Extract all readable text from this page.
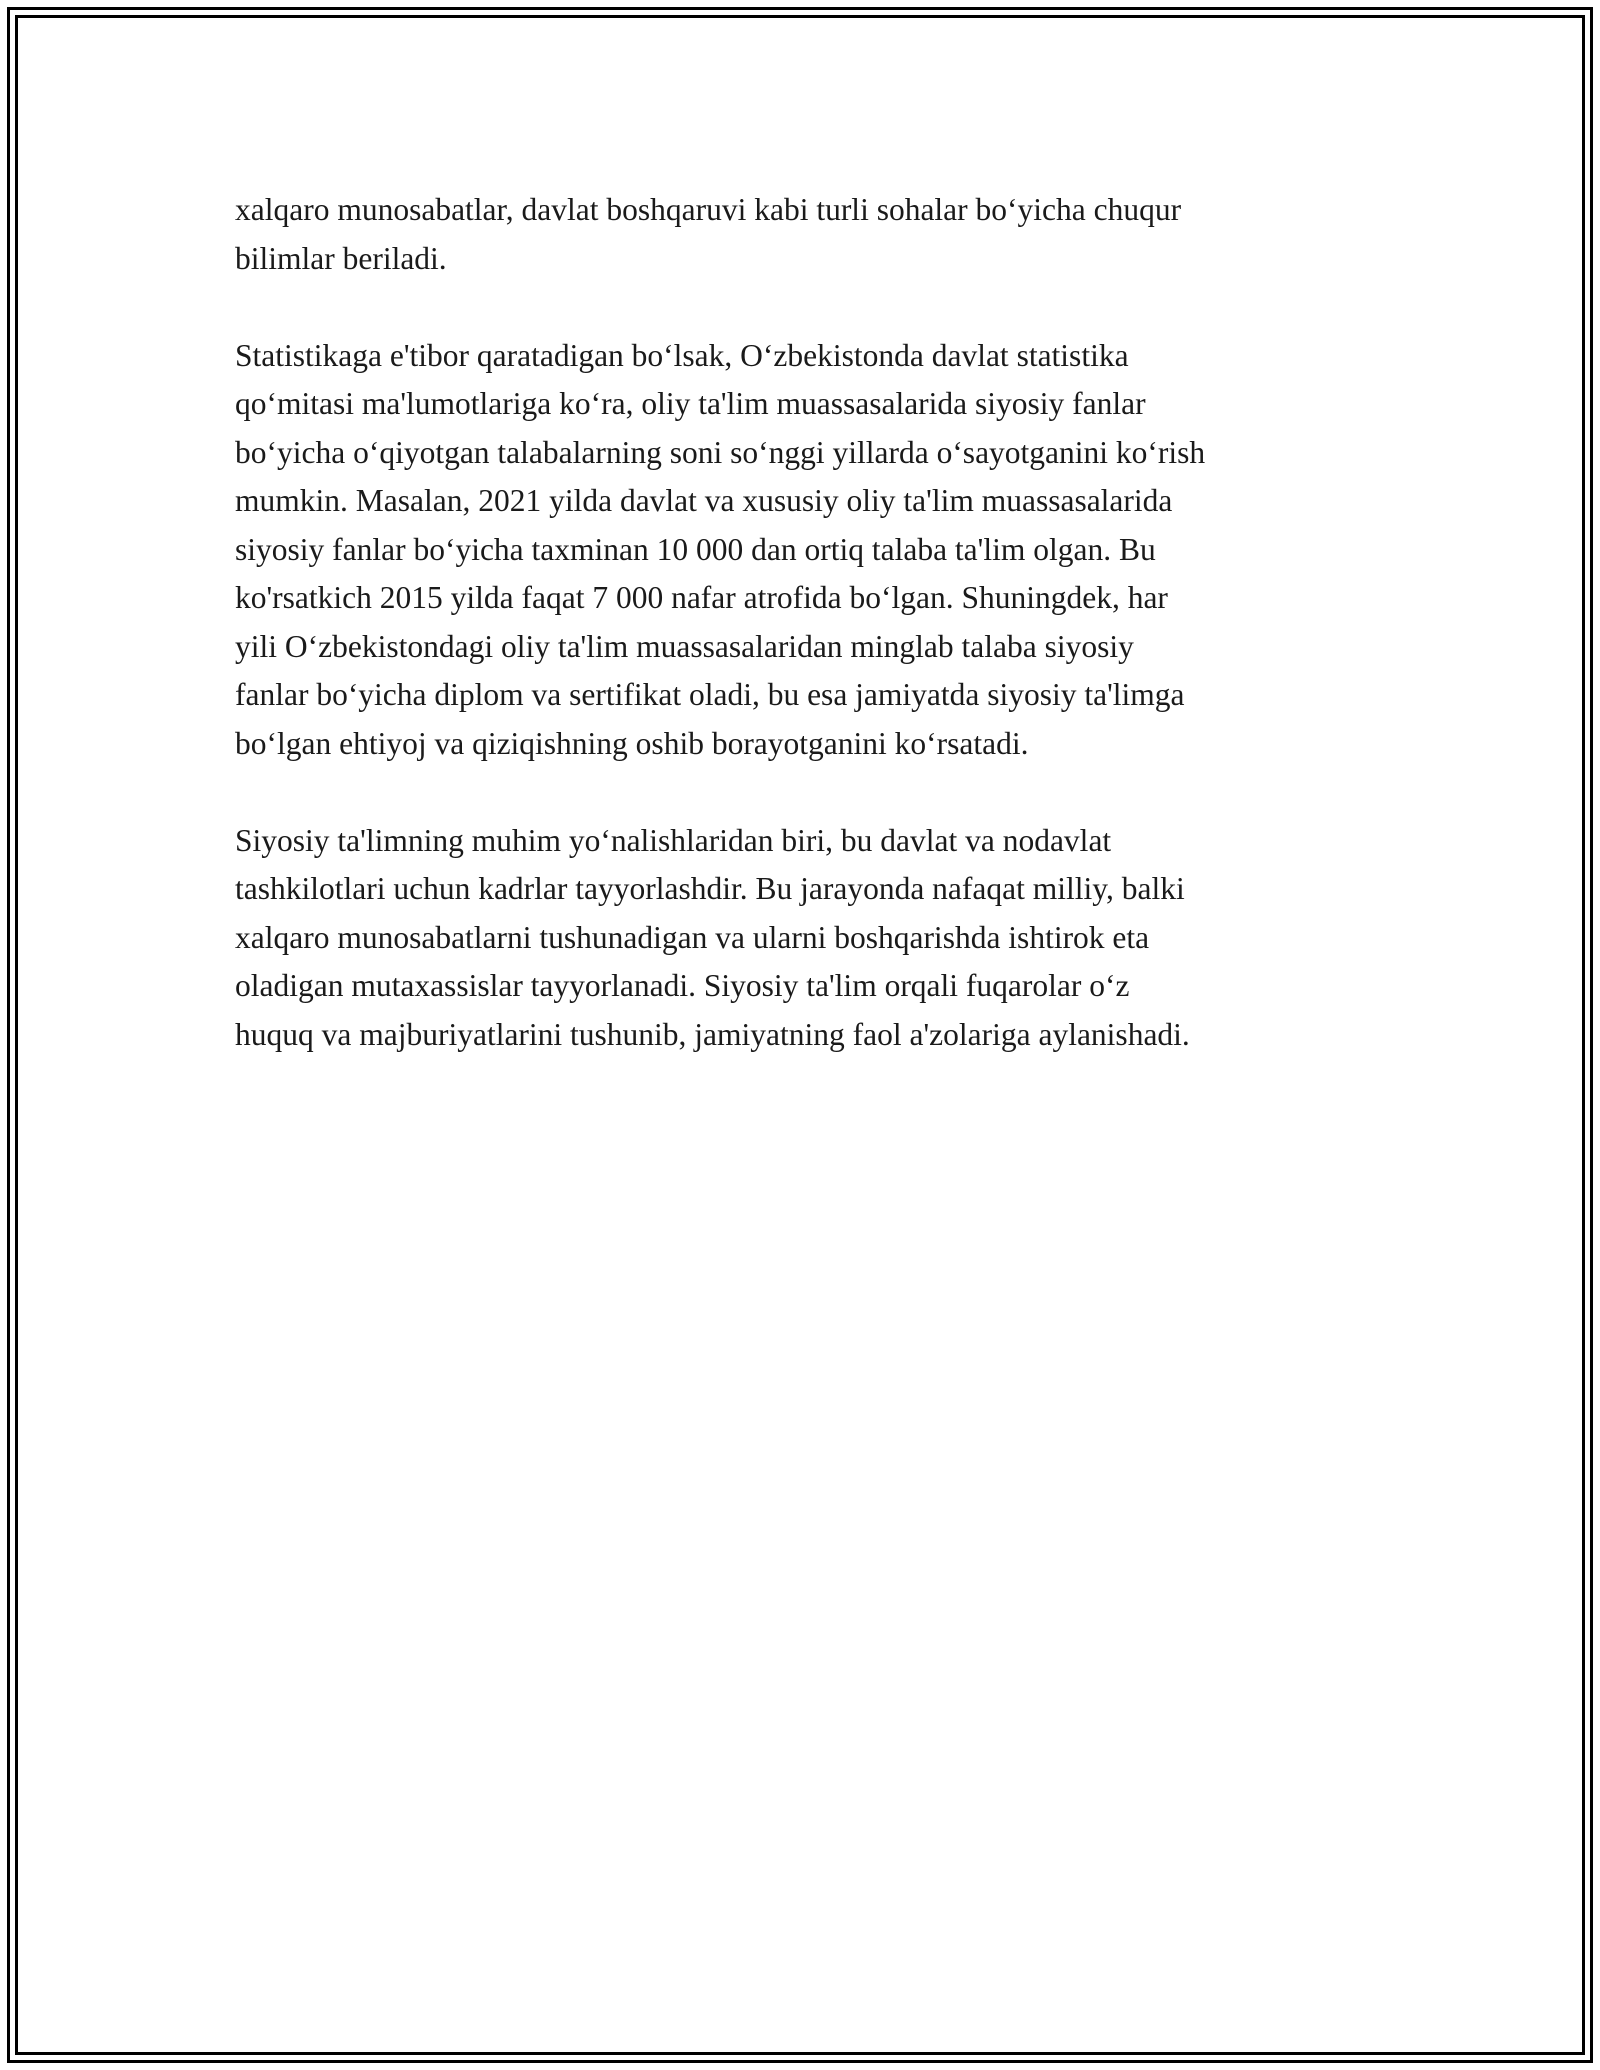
xalqaro munosabatlar, davlat boshqaruvi kabi turli sohalar bo‘yicha chuqur
bilimlar beriladi.

Statistikaga e'tibor qaratadigan bo‘lsak, O‘zbekistonda davlat statistika
qo‘mitasi ma'lumotlariga ko‘ra, oliy ta'lim muassasalarida siyosiy fanlar
bo‘yicha o‘qiyotgan talabalarning soni so‘nggi yillarda o‘sayotganini ko‘rish
mumkin. Masalan, 2021 yilda davlat va xususiy oliy ta'lim muassasalarida
siyosiy fanlar bo‘yicha taxminan 10 000 dan ortiq talaba ta'lim olgan. Bu
ko'rsatkich 2015 yilda faqat 7 000 nafar atrofida bo‘lgan. Shuningdek, har
yili O‘zbekistondagi oliy ta'lim muassasalaridan minglab talaba siyosiy
fanlar bo‘yicha diplom va sertifikat oladi, bu esa jamiyatda siyosiy ta'limga
bo‘lgan ehtiyoj va qiziqishning oshib borayotganini ko‘rsatadi.

Siyosiy ta'limning muhim yo‘nalishlaridan biri, bu davlat va nodavlat
tashkilotlari uchun kadrlar tayyorlashdir. Bu jarayonda nafaqat milliy, balki
xalqaro munosabatlarni tushunadigan va ularni boshqarishda ishtirok eta
oladigan mutaxassislar tayyorlanadi. Siyosiy ta'lim orqali fuqarolar o‘z
huquq va majburiyatlarini tushunib, jamiyatning faol a'zolariga aylanishadi.
